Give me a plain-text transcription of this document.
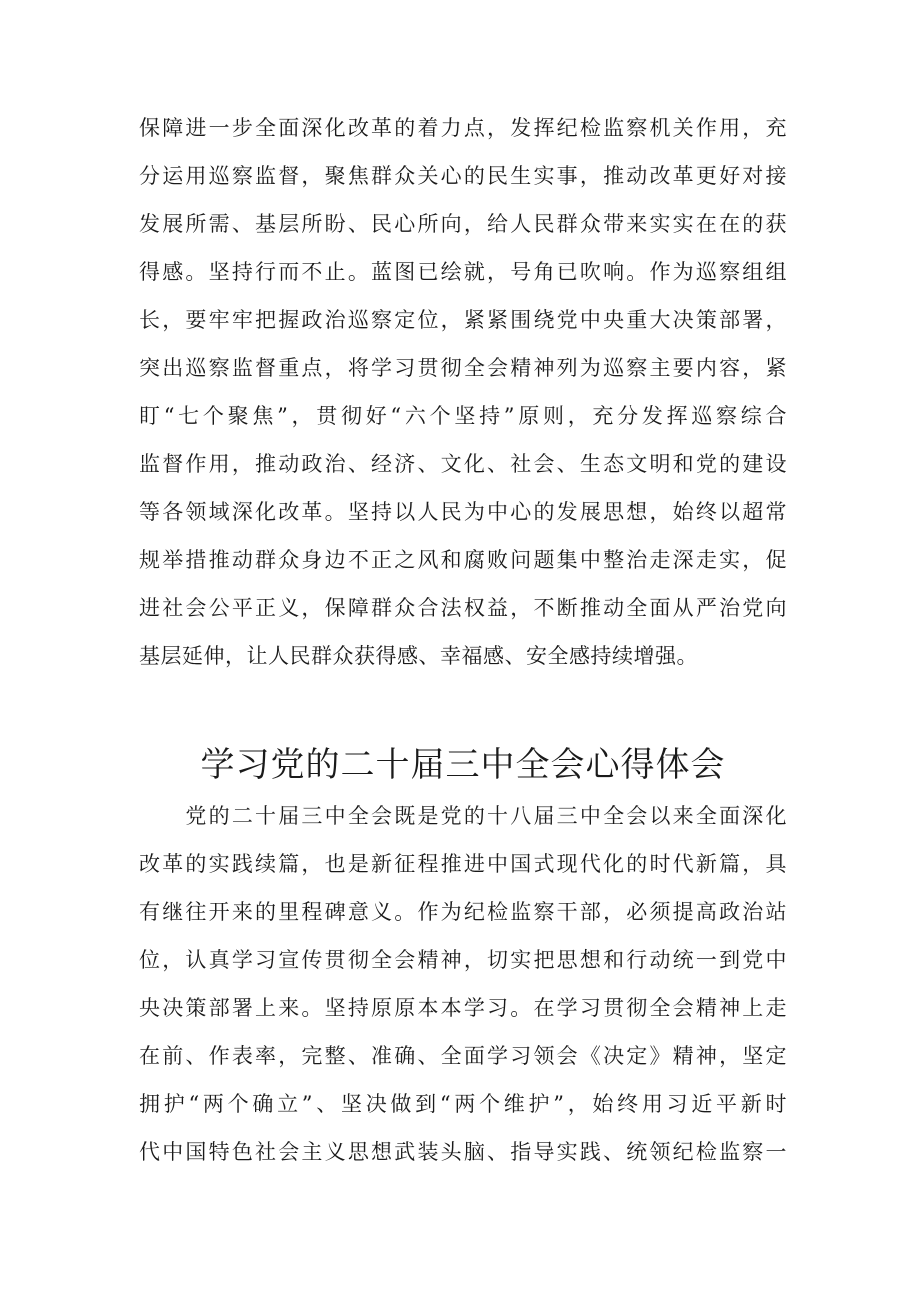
保障进一步全面深化改革的着力点，发挥纪检监察机关作用，充
分运用巡察监督，聚焦群众关心的民生实事，推动改革更好对接
发展所需、基层所盼、民心所向，给人民群众带来实实在在的获
得感。坚持行而不止。蓝图已绘就，号角已吹响。作为巡察组组
长，要牢牢把握政治巡察定位，紧紧围绕党中央重大决策部署，
突出巡察监督重点，将学习贯彻全会精神列为巡察主要内容，紧
盯“七个聚焦”，贯彻好“六个坚持”原则，充分发挥巡察综合
监督作用，推动政治、经济、文化、社会、生态文明和党的建设
等各领域深化改革。坚持以人民为中心的发展思想，始终以超常
规举措推动群众身边不正之风和腐败问题集中整治走深走实，促
进社会公平正义，保障群众合法权益，不断推动全面从严治党向
基层延伸，让人民群众获得感、幸福感、安全感持续增强。
学习党的二十届三中全会心得体会
　　党的二十届三中全会既是党的十八届三中全会以来全面深化
改革的实践续篇，也是新征程推进中国式现代化的时代新篇，具
有继往开来的里程碑意义。作为纪检监察干部，必须提高政治站
位，认真学习宣传贯彻全会精神，切实把思想和行动统一到党中
央决策部署上来。坚持原原本本学习。在学习贯彻全会精神上走
在前、作表率，完整、准确、全面学习领会《决定》精神，坚定
拥护“两个确立”、坚决做到“两个维护”，始终用习近平新时
代中国特色社会主义思想武装头脑、指导实践、统领纪检监察一
